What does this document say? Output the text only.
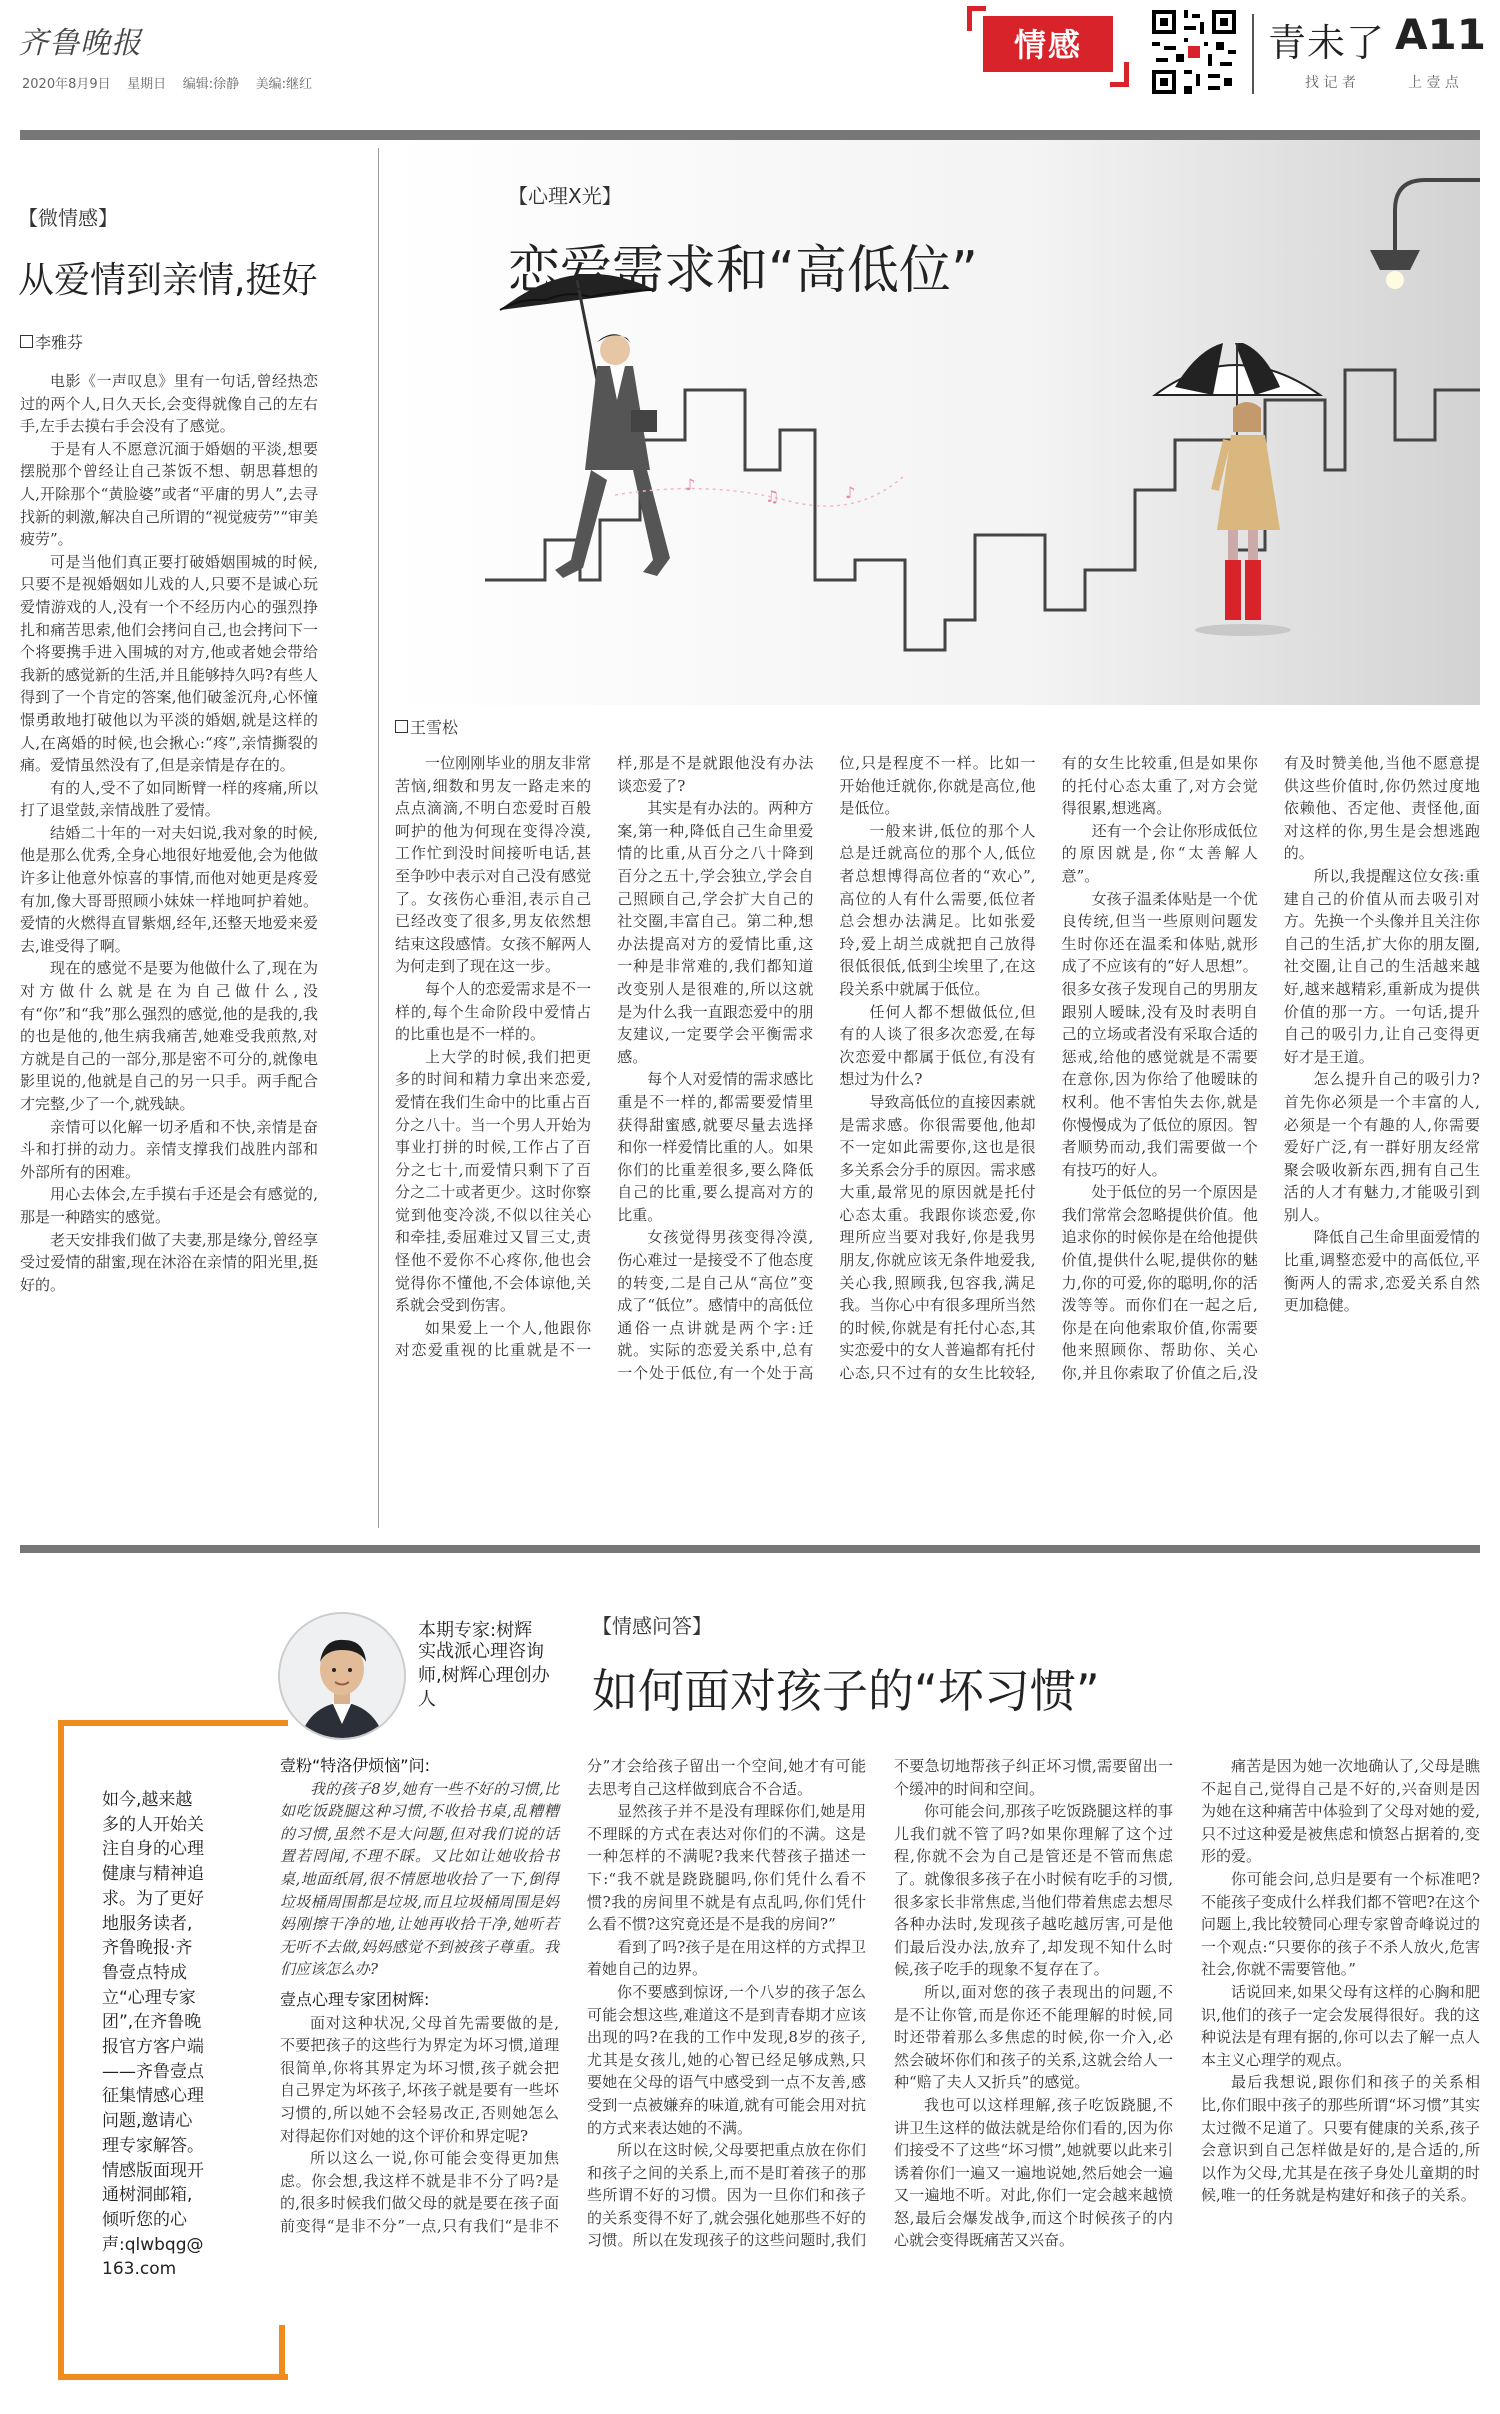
齐鲁晚报
2020年8月9日 星期日 编辑:徐静 美编:继红
情感	青未了 A11
找 记 者	上 壹 点
【微情感】
从爱情到亲情,挺好
李雅芬

电影《一声叹息》里有一句话,曾经热恋过的两个人,日久天长,会变得就像自己的左右手,左手去摸右手会没有了感觉。

于是有人不愿意沉湎于婚姻的平淡,想要摆脱那个曾经让自己茶饭不想、朝思暮想的人,开除那个“黄脸婆”或者“平庸的男人”,去寻找新的刺激,解决自己所谓的“视觉疲劳”“审美疲劳”。

可是当他们真正要打破婚姻围城的时候,只要不是视婚姻如儿戏的人,只要不是诚心玩爱情游戏的人,没有一个不经历内心的强烈挣扎和痛苦思索,他们会拷问自己,也会拷问下一个将要携手进入围城的对方,他或者她会带给我新的感觉新的生活,并且能够持久吗?有些人得到了一个肯定的答案,他们破釜沉舟,心怀憧憬勇敢地打破他以为平淡的婚姻,就是这样的人,在离婚的时候,也会揪心:“疼”,亲情撕裂的痛。爱情虽然没有了,但是亲情是存在的。

有的人,受不了如同断臂一样的疼痛,所以打了退堂鼓,亲情战胜了爱情。

结婚二十年的一对夫妇说,我对象的时候,他是那么优秀,全身心地很好地爱他,会为他做许多让他意外惊喜的事情,而他对她更是疼爱有加,像大哥哥照顾小妹妹一样地呵护着她。爱情的火燃得直冒紫烟,经年,还整天地爱来爱去,谁受得了啊。

现在的感觉不是要为他做什么了,现在为对方做什么就是在为自己做什么,没有“你”和“我”那么强烈的感觉,他的是我的,我的也是他的,他生病我痛苦,她难受我煎熬,对方就是自己的一部分,那是密不可分的,就像电影里说的,他就是自己的另一只手。两手配合才完整,少了一个,就残缺。

亲情可以化解一切矛盾和不快,亲情是奋斗和打拼的动力。亲情支撑我们战胜内部和外部所有的困难。

用心去体会,左手摸右手还是会有感觉的,那是一种踏实的感觉。

老天安排我们做了夫妻,那是缘分,曾经享受过爱情的甜蜜,现在沐浴在亲情的阳光里,挺好的。

♪
♫	♪
【心理X光】
恋爱需求和“高低位”
王雪松

一位刚刚毕业的朋友非常苦恼,细数和男友一路走来的点点滴滴,不明白恋爱时百般呵护的他为何现在变得冷漠,工作忙到没时间接听电话,甚至争吵中表示对自己没有感觉了。女孩伤心垂泪,表示自己已经改变了很多,男友依然想结束这段感情。女孩不解两人为何走到了现在这一步。

每个人的恋爱需求是不一样的,每个生命阶段中爱情占的比重也是不一样的。

上大学的时候,我们把更多的时间和精力拿出来恋爱,爱情在我们生命中的比重占百分之八十。当一个男人开始为事业打拼的时候,工作占了百分之七十,而爱情只剩下了百分之二十或者更少。这时你察觉到他变冷淡,不似以往关心和牵挂,委屈难过又冒三丈,责怪他不爱你不心疼你,他也会觉得你不懂他,不会体谅他,关系就会受到伤害。

如果爱上一个人,他跟你对恋爱重视的比重就是不一样,那是不是就跟他没有办法谈恋爱了?

其实是有办法的。两种方案,第一种,降低自己生命里爱情的比重,从百分之八十降到百分之五十,学会独立,学会自己照顾自己,学会扩大自己的社交圈,丰富自己。第二种,想办法提高对方的爱情比重,这一种是非常难的,我们都知道改变别人是很难的,所以这就是为什么我一直跟恋爱中的朋友建议,一定要学会平衡需求感。

每个人对爱情的需求感比重是不一样的,都需要爱情里获得甜蜜感,就要尽量去选择和你一样爱情比重的人。如果你们的比重差很多,要么降低自己的比重,要么提高对方的比重。

女孩觉得男孩变得冷漠,伤心难过一是接受不了他态度的转变,二是自己从“高位”变成了“低位”。感情中的高低位通俗一点讲就是两个字:迁就。实际的恋爱关系中,总有一个处于低位,有一个处于高位,只是程度不一样。比如一开始他迁就你,你就是高位,他是低位。

一般来讲,低位的那个人总是迁就高位的那个人,低位者总想博得高位者的“欢心”,高位的人有什么需要,低位者总会想办法满足。比如张爱玲,爱上胡兰成就把自己放得很低很低,低到尘埃里了,在这段关系中就属于低位。

任何人都不想做低位,但有的人谈了很多次恋爱,在每次恋爱中都属于低位,有没有想过为什么?

导致高低位的直接因素就是需求感。你很需要他,他却不一定如此需要你,这也是很多关系会分手的原因。需求感大重,最常见的原因就是托付心态太重。我跟你谈恋爱,你理所应当要对我好,你是我男朋友,你就应该无条件地爱我,关心我,照顾我,包容我,满足我。当你心中有很多理所当然的时候,你就是有托付心态,其实恋爱中的女人普遍都有托付心态,只不过有的女生比较轻,有的女生比较重,但是如果你的托付心态太重了,对方会觉得很累,想逃离。

还有一个会让你形成低位的原因就是,你“太善解人意”。

女孩子温柔体贴是一个优良传统,但当一些原则问题发生时你还在温柔和体贴,就形成了不应该有的“好人思想”。很多女孩子发现自己的男朋友跟别人暧昧,没有及时表明自己的立场或者没有采取合适的惩戒,给他的感觉就是不需要在意你,因为你给了他暧昧的权利。他不害怕失去你,就是你慢慢成为了低位的原因。智者顺势而动,我们需要做一个有技巧的好人。

处于低位的另一个原因是我们常常会忽略提供价值。他追求你的时候你是在给他提供价值,提供什么呢,提供你的魅力,你的可爱,你的聪明,你的活泼等等。而你们在一起之后,你是在向他索取价值,你需要他来照顾你、帮助你、关心你,并且你索取了价值之后,没有及时赞美他,当他不愿意提供这些价值时,你仍然过度地依赖他、否定他、责怪他,面对这样的你,男生是会想逃跑的。

所以,我提醒这位女孩:重建自己的价值从而去吸引对方。先换一个头像并且关注你自己的生活,扩大你的朋友圈,社交圈,让自己的生活越来越好,越来越精彩,重新成为提供价值的那一方。一句话,提升自己的吸引力,让自己变得更好才是王道。

怎么提升自己的吸引力?首先你必须是一个丰富的人,必须是一个有趣的人,你需要爱好广泛,有一群好朋友经常聚会吸收新东西,拥有自己生活的人才有魅力,才能吸引到别人。

降低自己生命里面爱情的比重,调整恋爱中的高低位,平衡两人的需求,恋爱关系自然更加稳健。

本期专家:树辉
实战派心理咨询师,树辉心理创办人
【情感问答】
如何面对孩子的“坏习惯”
如今,越来越多的人开始关注自身的心理健康与精神追求。为了更好地服务读者,齐鲁晚报·齐鲁壹点特成立“心理专家团”,在齐鲁晚报官方客户端——齐鲁壹点征集情感心理问题,邀请心理专家解答。情感版面现开通树洞邮箱,倾听您的心声:qlwbqg@163.com

壹粉“特洛伊烦恼”问:

我的孩子8岁,她有一些不好的习惯,比如吃饭跷腿这种习惯,不收拾书桌,乱糟糟的习惯,虽然不是大问题,但对我们说的话置若罔闻,不理不睬。又比如让她收拾书桌,地面纸屑,很不情愿地收拾了一下,倒得垃圾桶周围都是垃圾,而且垃圾桶周围是妈妈刚擦干净的地,让她再收拾干净,她听若无听不去做,妈妈感觉不到被孩子尊重。我们应该怎么办?

壹点心理专家团树辉:

面对这种状况,父母首先需要做的是,不要把孩子的这些行为界定为坏习惯,道理很简单,你将其界定为坏习惯,孩子就会把自己界定为坏孩子,坏孩子就是要有一些坏习惯的,所以她不会轻易改正,否则她怎么对得起你们对她的这个评价和界定呢?

所以这么一说,你可能会变得更加焦虑。你会想,我这样不就是非不分了吗?是的,很多时候我们做父母的就是要在孩子面前变得“是非不分”一点,只有我们“是非不分”才会给孩子留出一个空间,她才有可能去思考自己这样做到底合不合适。

显然孩子并不是没有理睬你们,她是用不理睬的方式在表达对你们的不满。这是一种怎样的不满呢?我来代替孩子描述一下:“我不就是跷跷腿吗,你们凭什么看不惯?我的房间里不就是有点乱吗,你们凭什么看不惯?这究竟还是不是我的房间?”

看到了吗?孩子是在用这样的方式捍卫着她自己的边界。

你不要感到惊讶,一个八岁的孩子怎么可能会想这些,难道这不是到青春期才应该出现的吗?在我的工作中发现,8岁的孩子,尤其是女孩儿,她的心智已经足够成熟,只要她在父母的语气中感受到一点不友善,感受到一点被嫌弃的味道,就有可能会用对抗的方式来表达她的不满。

所以在这时候,父母要把重点放在你们和孩子之间的关系上,而不是盯着孩子的那些所谓不好的习惯。因为一旦你们和孩子的关系变得不好了,就会强化她那些不好的习惯。所以在发现孩子的这些问题时,我们不要急切地帮孩子纠正坏习惯,需要留出一个缓冲的时间和空间。

你可能会问,那孩子吃饭跷腿这样的事儿我们就不管了吗?如果你理解了这个过程,你就不会为自己是管还是不管而焦虑了。就像很多孩子在小时候有吃手的习惯,很多家长非常焦虑,当他们带着焦虑去想尽各种办法时,发现孩子越吃越厉害,可是他们最后没办法,放弃了,却发现不知什么时候,孩子吃手的现象不复存在了。

所以,面对您的孩子表现出的问题,不是不让你管,而是你还不能理解的时候,同时还带着那么多焦虑的时候,你一介入,必然会破坏你们和孩子的关系,这就会给人一种“赔了夫人又折兵”的感觉。

我也可以这样理解,孩子吃饭跷腿,不讲卫生这样的做法就是给你们看的,因为你们接受不了这些“坏习惯”,她就要以此来引诱着你们一遍又一遍地说她,然后她会一遍又一遍地不听。对此,你们一定会越来越愤怒,最后会爆发战争,而这个时候孩子的内心就会变得既痛苦又兴奋。

痛苦是因为她一次地确认了,父母是瞧不起自己,觉得自己是不好的,兴奋则是因为她在这种痛苦中体验到了父母对她的爱,只不过这种爱是被焦虑和愤怒占据着的,变形的爱。

你可能会问,总归是要有一个标准吧?不能孩子变成什么样我们都不管吧?在这个问题上,我比较赞同心理专家曾奇峰说过的一个观点:“只要你的孩子不杀人放火,危害社会,你就不需要管他。”

话说回来,如果父母有这样的心胸和肥识,他们的孩子一定会发展得很好。我的这种说法是有理有据的,你可以去了解一点人本主义心理学的观点。

最后我想说,跟你们和孩子的关系相比,你们眼中孩子的那些所谓“坏习惯”其实太过微不足道了。只要有健康的关系,孩子会意识到自己怎样做是好的,是合适的,所以作为父母,尤其是在孩子身处儿童期的时候,唯一的任务就是构建好和孩子的关系。
